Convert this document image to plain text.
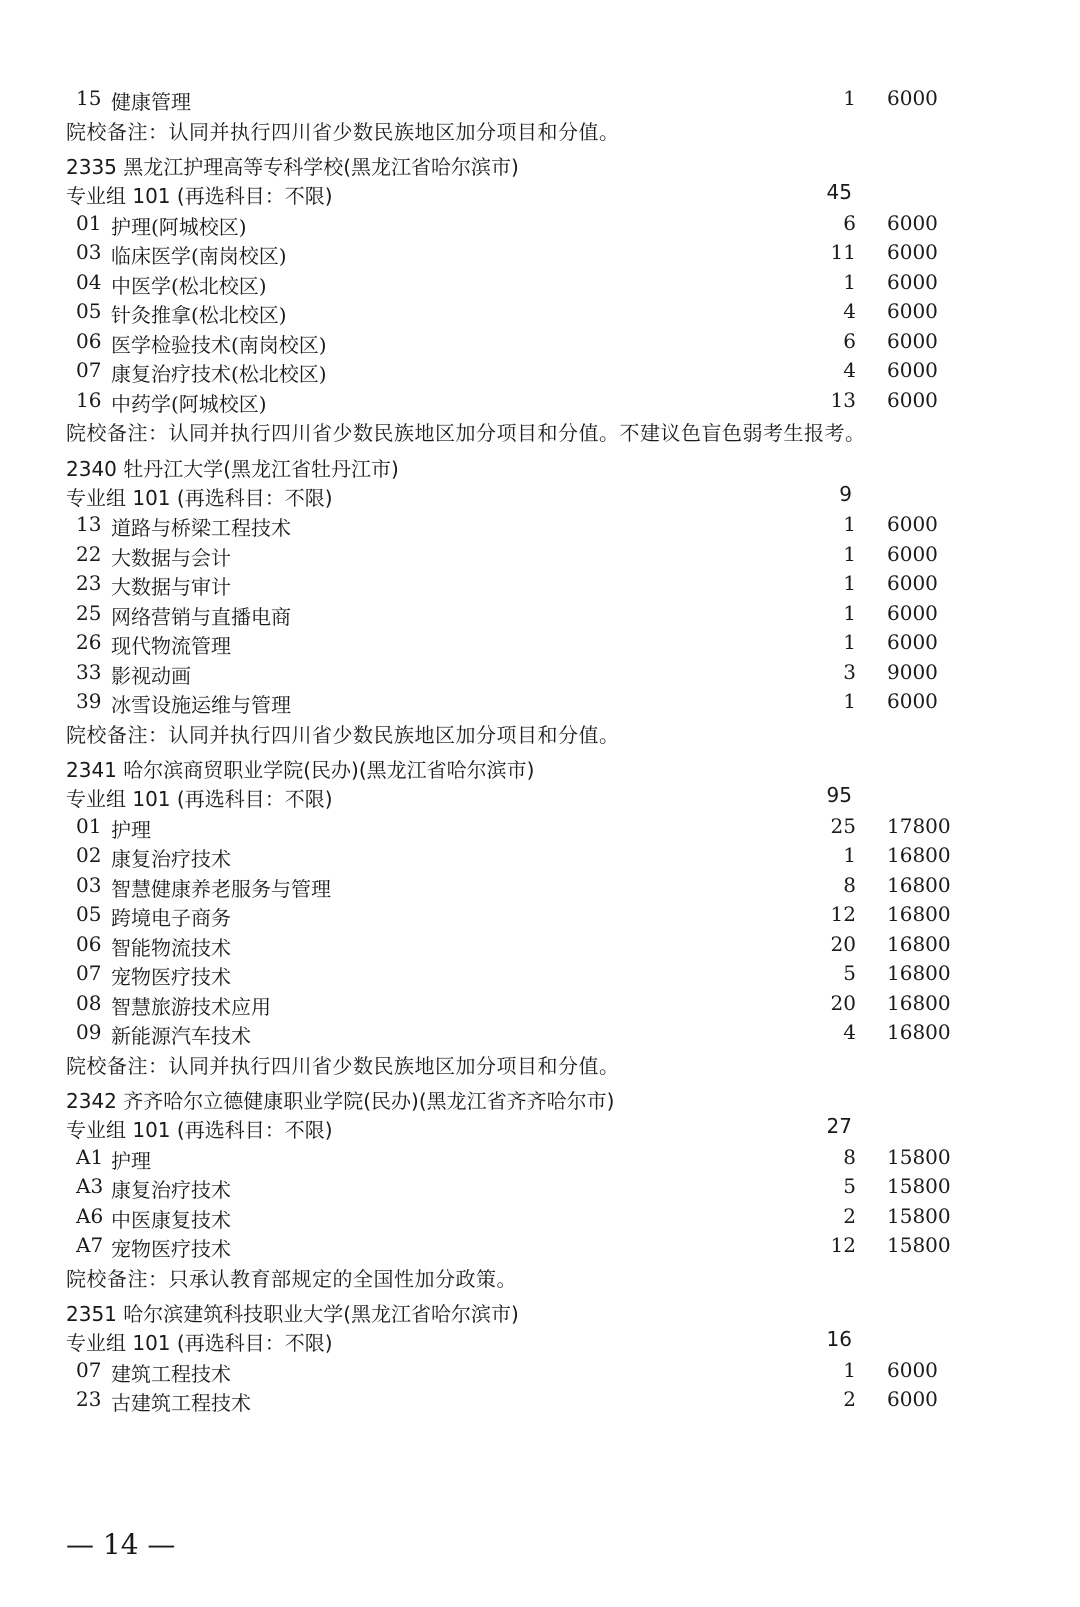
15 健康管理	1 6000
院校备注：认同并执行四川省少数民族地区加分项目和分值。
2335 黑龙江护理高等专科学校(黑龙江省哈尔滨市)
专业组 101 (再选科目：不限)	45
01 护理(阿城校区)	6 6000
03 临床医学(南岗校区)	11 6000
04 中医学(松北校区)	1 6000
05 针灸推拿(松北校区)	4 6000
06 医学检验技术(南岗校区)	6 6000
07 康复治疗技术(松北校区)	4 6000
16 中药学(阿城校区)	13 6000
院校备注：认同并执行四川省少数民族地区加分项目和分值。不建议色盲色弱考生报考。
2340 牡丹江大学(黑龙江省牡丹江市)
专业组 101 (再选科目：不限)	9
13 道路与桥梁工程技术	1 6000
22 大数据与会计	1 6000
23 大数据与审计	1 6000
25 网络营销与直播电商	1 6000
26 现代物流管理	1 6000
33 影视动画	3 9000
39 冰雪设施运维与管理	1 6000
院校备注：认同并执行四川省少数民族地区加分项目和分值。
2341 哈尔滨商贸职业学院(民办)(黑龙江省哈尔滨市)
专业组 101 (再选科目：不限)	95
01 护理	25 17800
02 康复治疗技术	1 16800
03 智慧健康养老服务与管理	8 16800
05 跨境电子商务	12 16800
06 智能物流技术	20 16800
07 宠物医疗技术	5 16800
08 智慧旅游技术应用	20 16800
09 新能源汽车技术	4 16800
院校备注：认同并执行四川省少数民族地区加分项目和分值。
2342 齐齐哈尔立德健康职业学院(民办)(黑龙江省齐齐哈尔市)
专业组 101 (再选科目：不限)	27
A1 护理	8 15800
A3 康复治疗技术	5 15800
A6 中医康复技术	2 15800
A7 宠物医疗技术	12 15800
院校备注：只承认教育部规定的全国性加分政策。
2351 哈尔滨建筑科技职业大学(黑龙江省哈尔滨市)
专业组 101 (再选科目：不限)	16
07 建筑工程技术	1 6000
23 古建筑工程技术	2 6000
— 14 —
